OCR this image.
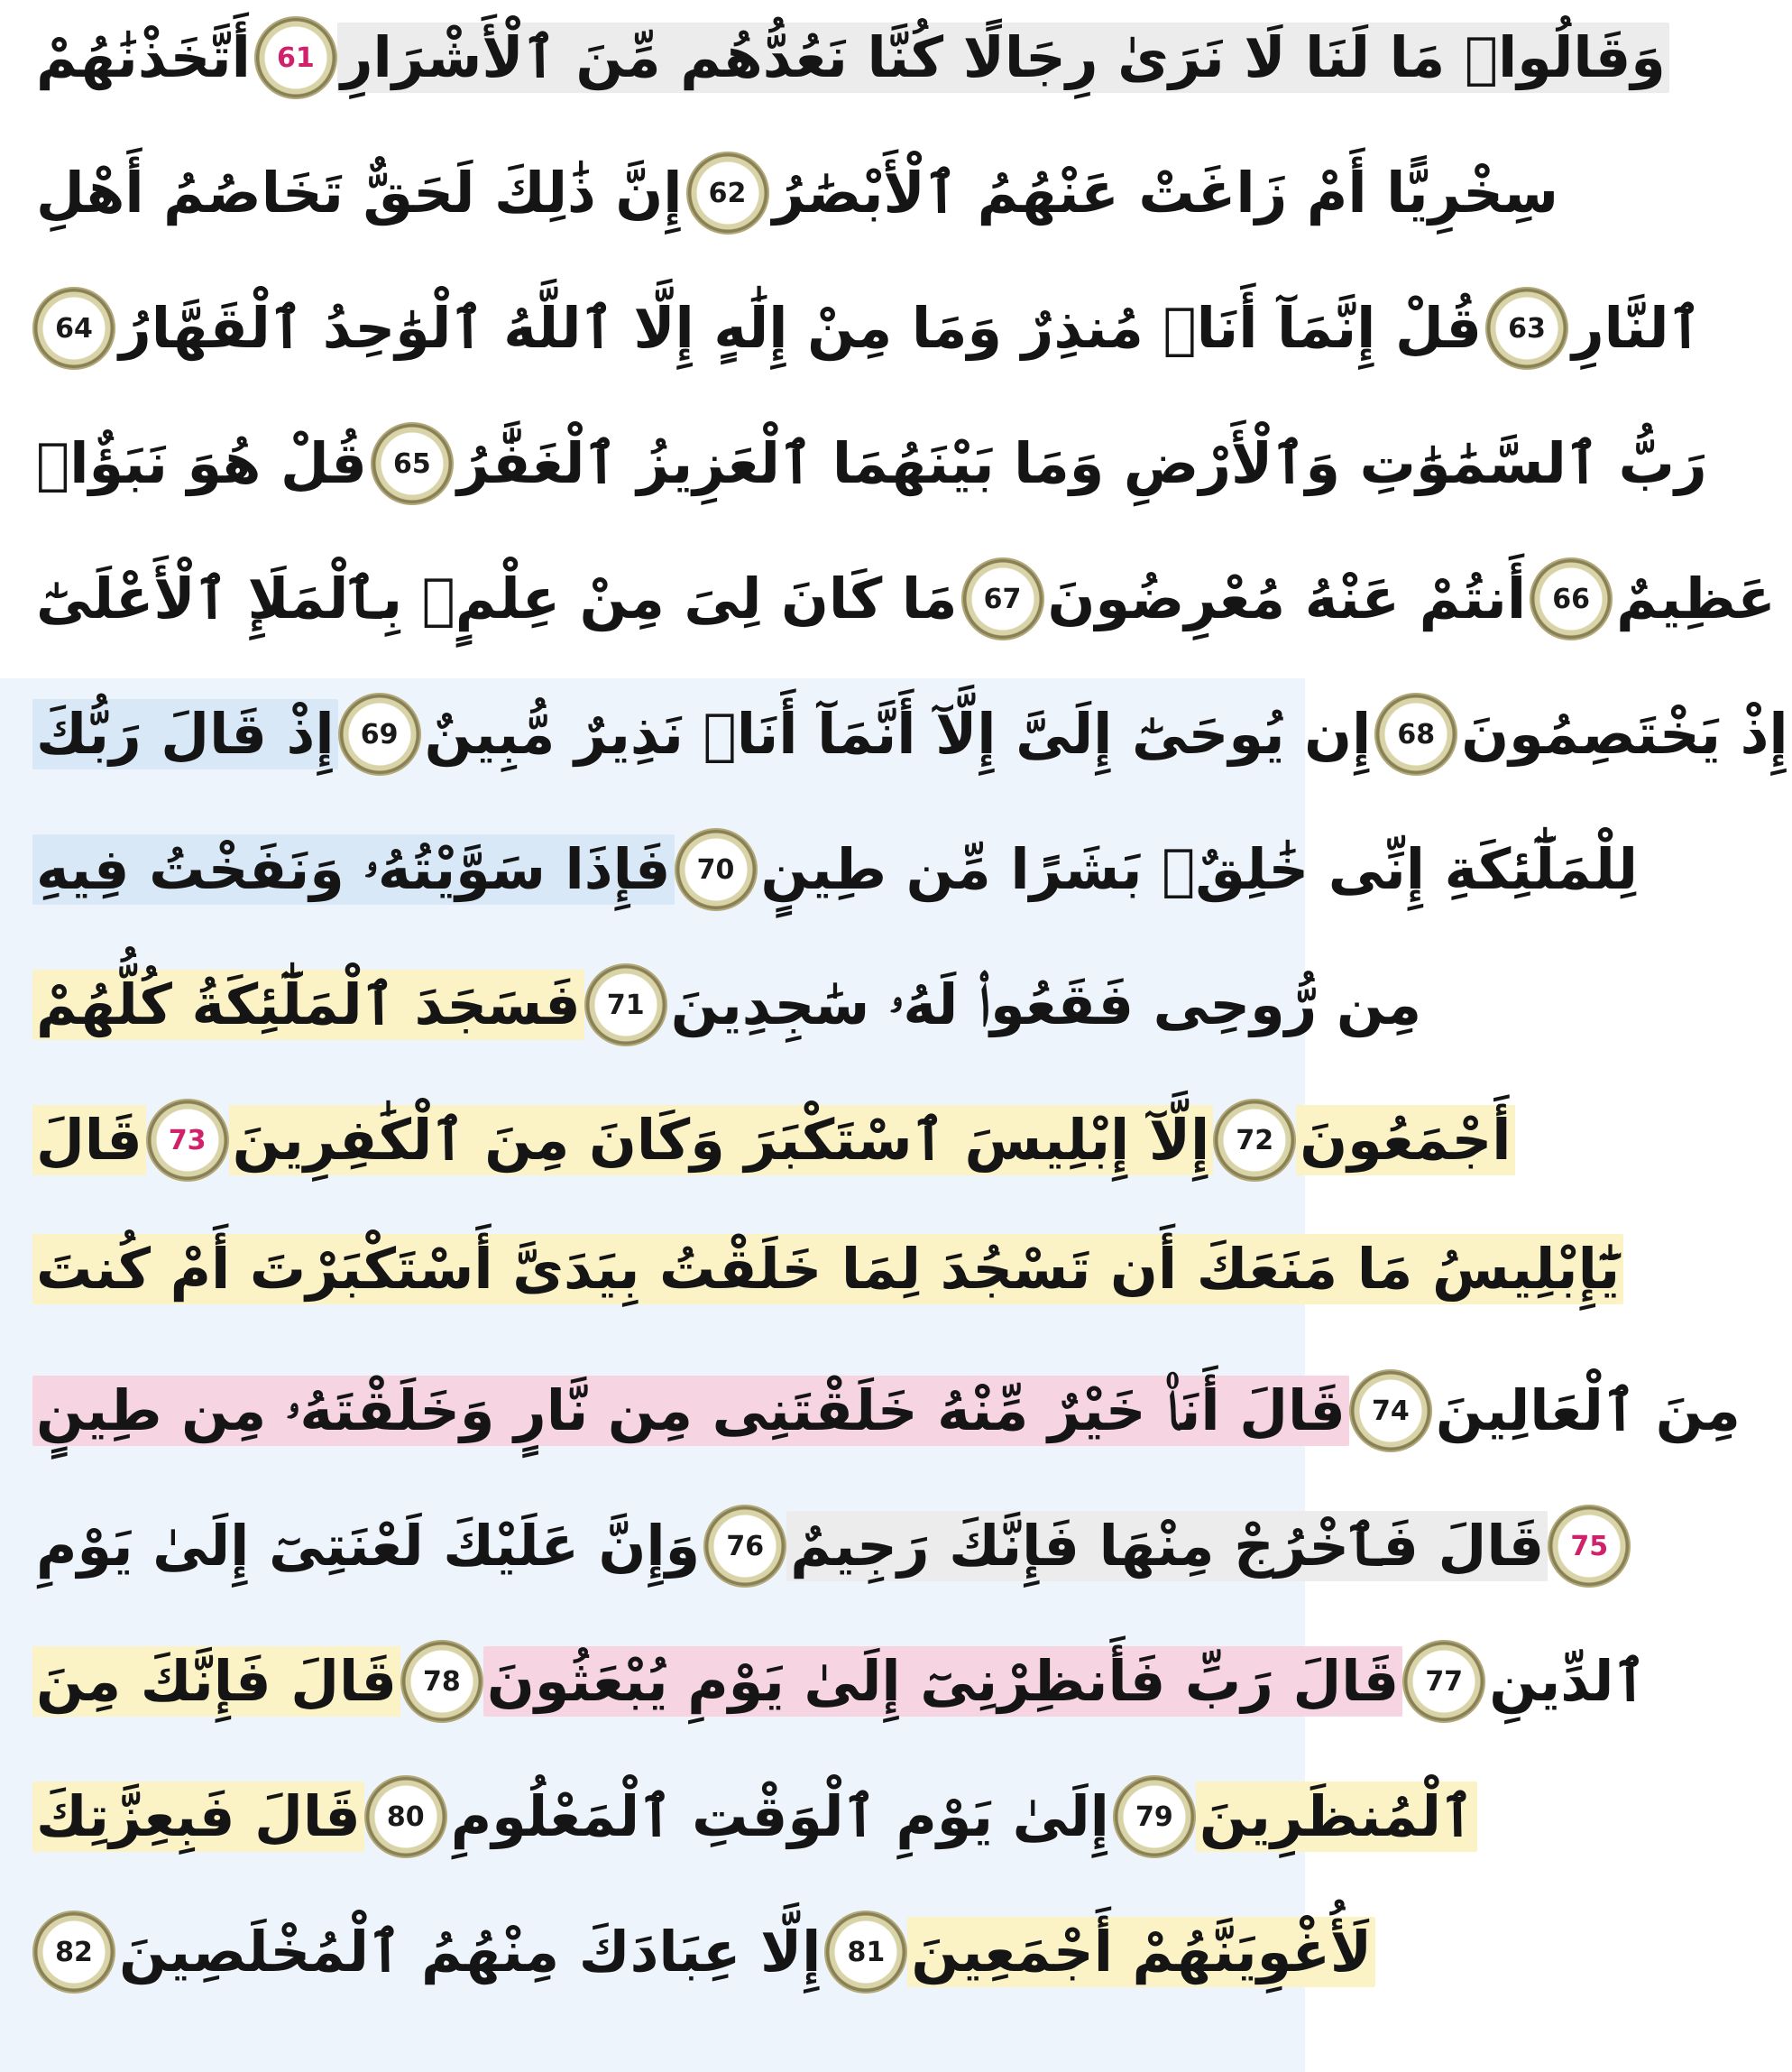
أَتَّخَذْنَٰهُمْ 61 وَقَالُوا۟ مَا لَنَا لَا نَرَىٰ رِجَالًا كُنَّا نَعُدُّهُم مِّنَ ٱلْأَشْرَارِ
إِنَّ ذَٰلِكَ لَحَقٌّ تَخَاصُمُ أَهْلِ 62 سِخْرِيًّا أَمْ زَاغَتْ عَنْهُمُ ٱلْأَبْصَٰرُ
64 قُلْ إِنَّمَآ أَنَا۠ مُنذِرٌ وَمَا مِنْ إِلَٰهٍ إِلَّا ٱللَّهُ ٱلْوَٰحِدُ ٱلْقَهَّارُ 63 ٱلنَّارِ
قُلْ هُوَ نَبَؤٌا۟ 65 رَبُّ ٱلسَّمَٰوَٰتِ وَٱلْأَرْضِ وَمَا بَيْنَهُمَا ٱلْعَزِيزُ ٱلْغَفَّٰرُ
مَا كَانَ لِىَ مِنْ عِلْمٍۭ بِٱلْمَلَإِ ٱلْأَعْلَىٰٓ 67 أَنتُمْ عَنْهُ مُعْرِضُونَ 66 عَظِيمٌ
إِذْ قَالَ رَبُّكَ 69 إِن يُوحَىٰٓ إِلَىَّ إِلَّآ أَنَّمَآ أَنَا۠ نَذِيرٌ مُّبِينٌ 68 إِذْ يَخْتَصِمُونَ
فَإِذَا سَوَّيْتُهُۥ وَنَفَخْتُ فِيهِ 70 لِلْمَلَٰٓئِكَةِ إِنِّى خَٰلِقٌۢ بَشَرًا مِّن طِينٍ
فَسَجَدَ ٱلْمَلَٰٓئِكَةُ كُلُّهُمْ 71 مِن رُّوحِى فَقَعُوا۟ لَهُۥ سَٰجِدِينَ
قَالَ 73 إِلَّآ إِبْلِيسَ ٱسْتَكْبَرَ وَكَانَ مِنَ ٱلْكَٰفِرِينَ 72 أَجْمَعُونَ
يَٰٓإِبْلِيسُ مَا مَنَعَكَ أَن تَسْجُدَ لِمَا خَلَقْتُ بِيَدَىَّ أَسْتَكْبَرْتَ أَمْ كُنتَ
قَالَ أَنَا۠ خَيْرٌ مِّنْهُ خَلَقْتَنِى مِن نَّارٍ وَخَلَقْتَهُۥ مِن طِينٍ 74 مِنَ ٱلْعَالِينَ
وَإِنَّ عَلَيْكَ لَعْنَتِىٓ إِلَىٰ يَوْمِ 76 قَالَ فَٱخْرُجْ مِنْهَا فَإِنَّكَ رَجِيمٌ 75
قَالَ فَإِنَّكَ مِنَ 78 قَالَ رَبِّ فَأَنظِرْنِىٓ إِلَىٰ يَوْمِ يُبْعَثُونَ 77 ٱلدِّينِ
قَالَ فَبِعِزَّتِكَ 80 إِلَىٰ يَوْمِ ٱلْوَقْتِ ٱلْمَعْلُومِ 79 ٱلْمُنظَرِينَ
82 إِلَّا عِبَادَكَ مِنْهُمُ ٱلْمُخْلَصِينَ 81 لَأُغْوِيَنَّهُمْ أَجْمَعِينَ
